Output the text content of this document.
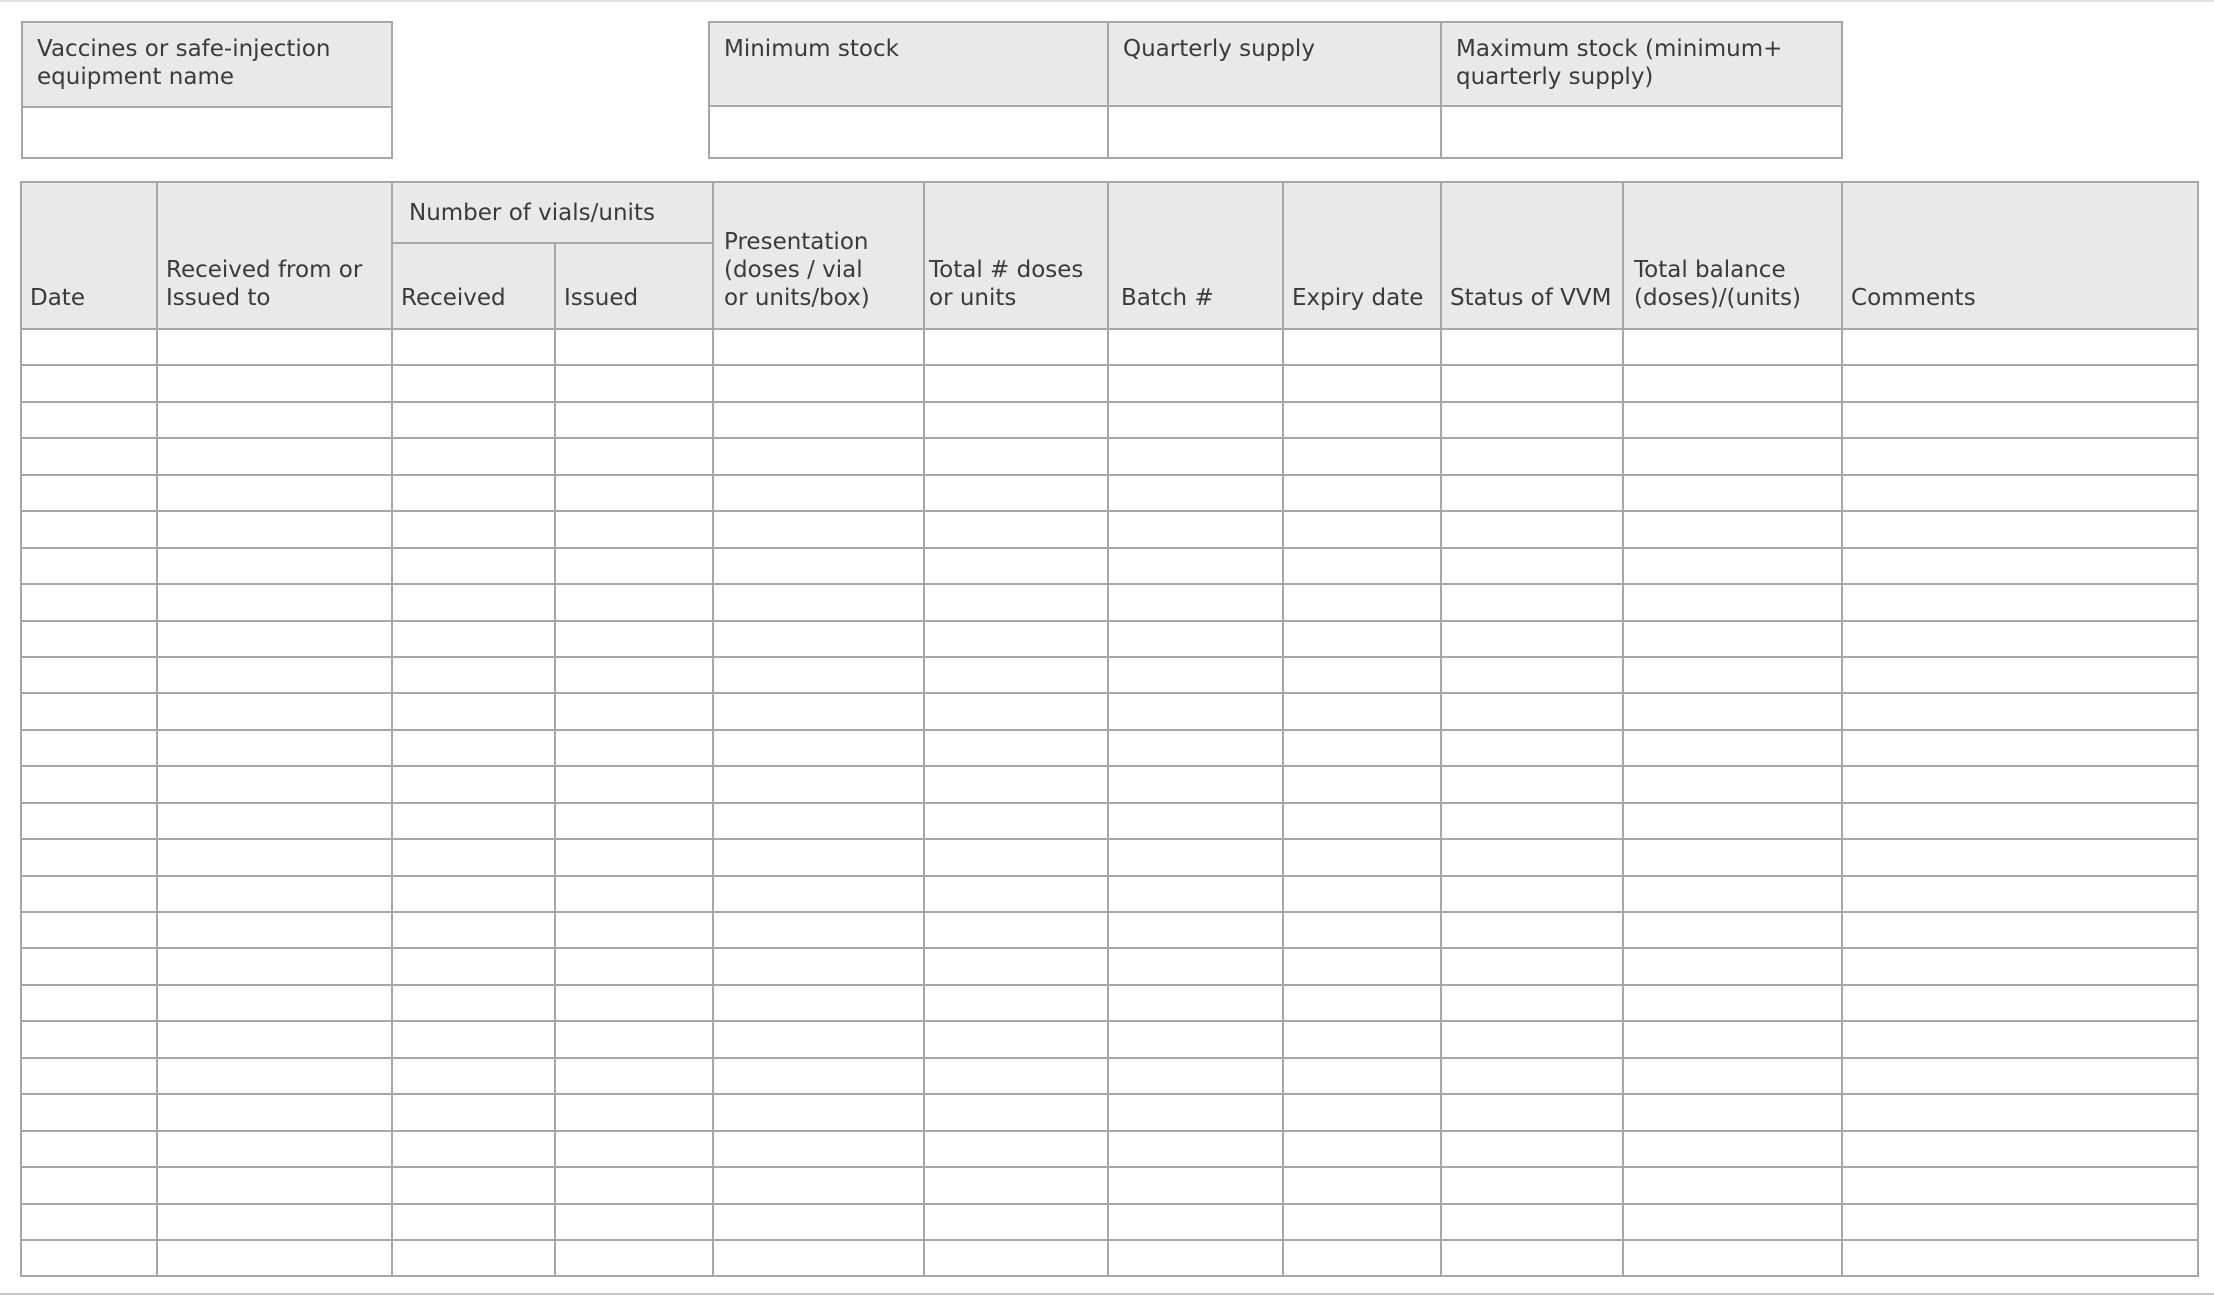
Vaccines or safe-injection equipment name

Minimum stock	Quarterly supply	Maximum stock (minimum+ quarterly supply)

Date	Received from or Issued to	Number of vials/units		Presentation (doses / vial or units/box)	Total # doses or units	Batch #	Expiry date	Status of VVM	Total balance (doses)/(units)	Comments
		Received	Issued							
